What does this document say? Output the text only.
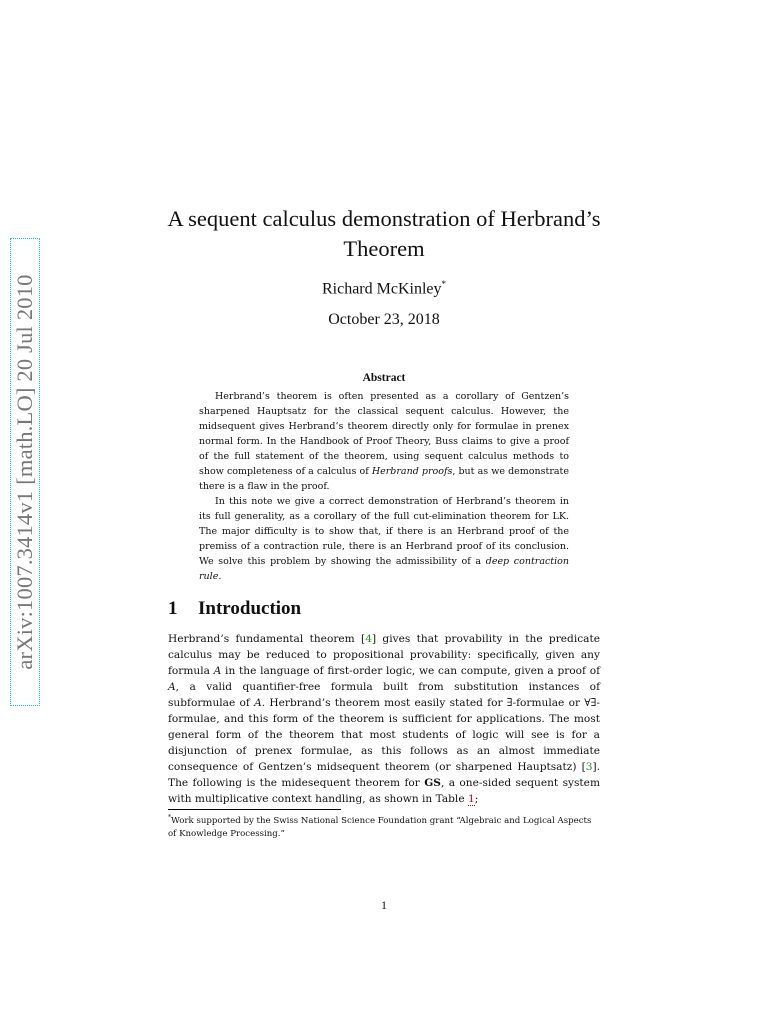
arXiv:1007.3414v1 [math.LO] 20 Jul 2010
A sequent calculus demonstration of Herbrand’s Theorem
Richard McKinley*
October 23, 2018
Abstract

Herbrand’s theorem is often presented as a corollary of Gentzen’s sharpened Hauptsatz for the classical sequent calculus. However, the midsequent gives Herbrand’s theorem directly only for formulae in prenex normal form. In the Handbook of Proof Theory, Buss claims to give a proof of the full statement of the theorem, using sequent calculus methods to show completeness of a calculus of Herbrand proofs, but as we demonstrate there is a flaw in the proof.

In this note we give a correct demonstration of Herbrand’s theorem in its full generality, as a corollary of the full cut-elimination theorem for LK. The major difficulty is to show that, if there is an Herbrand proof of the premiss of a contraction rule, there is an Herbrand proof of its conclusion. We solve this problem by showing the admissibility of a deep contraction rule.

1 Introduction

Herbrand’s fundamental theorem [4] gives that provability in the predicate calculus may be reduced to propositional provability: specifically, given any formula A in the language of first-order logic, we can compute, given a proof of A, a valid quantifier-free formula built from substitution instances of subformulae of A. Herbrand’s theorem most easily stated for ∃-formulae or ∀∃-formulae, and this form of the theorem is sufficient for applications. The most general form of the theorem that most students of logic will see is for a disjunction of prenex formulae, as this follows as an almost immediate consequence of Gentzen’s midsequent theorem (or sharpened Hauptsatz) [3]. The following is the midesequent theorem for GS, a one-sided sequent system with multiplicative context handling, as shown in Table 1;

*Work supported by the Swiss National Science Foundation grant “Algebraic and Logical Aspects of Knowledge Processing.”
1
